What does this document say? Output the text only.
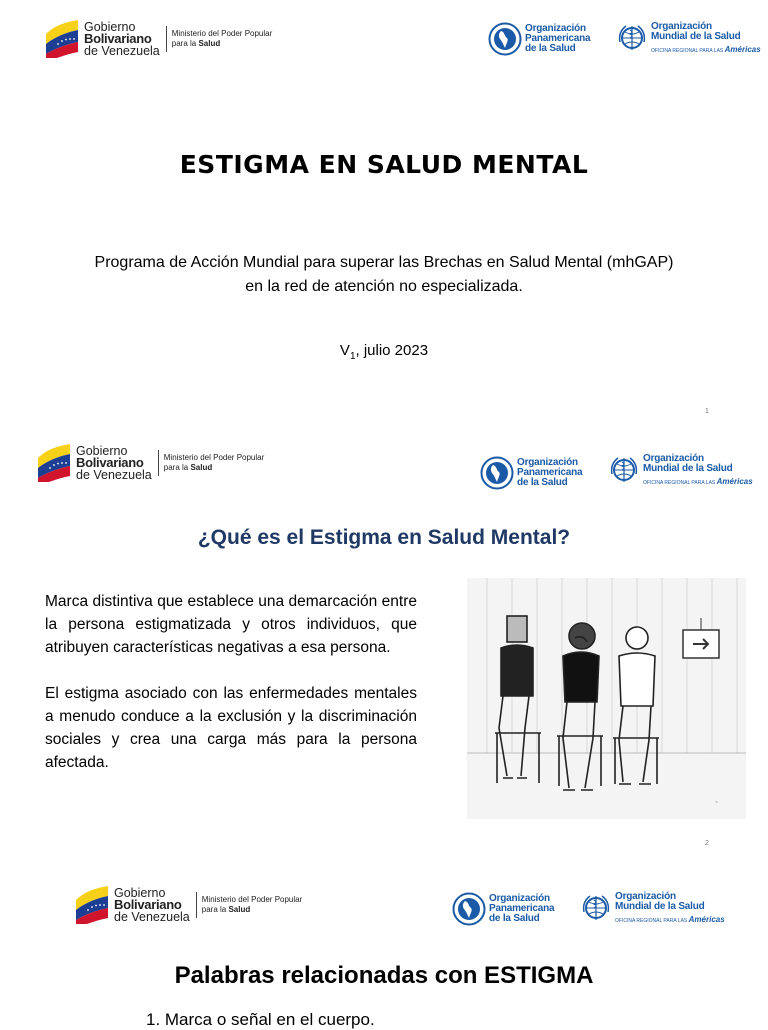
Gobierno
Bolivariano
de Venezuela
Ministerio del Poder Popular
para la Salud
Organización
Panamericana
de la Salud
Organización
Mundial de la Salud
OFICINA REGIONAL PARA LAS Américas
ESTIGMA EN SALUD MENTAL
Programa de Acción Mundial para superar las Brechas en Salud Mental (mhGAP) en la red de atención no especializada.
$V_1$, julio 2023
1
Gobierno
Bolivariano
de Venezuela
Ministerio del Poder Popular
para la Salud	Organización
Panamericana
de la Salud
Organización
Mundial de la Salud
OFICINA REGIONAL PARA LAS Américas
¿Qué es el Estigma en Salud Mental?

Marca distintiva que establece una demarcación entre la persona estigmatizada y otros individuos, que atribuyen características negativas a esa persona.

El estigma asociado con las enfermedades mentales a menudo conduce a la exclusión y la discriminación sociales y crea una carga más para la persona afectada.

~
2
Gobierno
Bolivariano
de Venezuela
Ministerio del Poder Popular
para la Salud
Organización
Panamericana
de la Salud
Organización
Mundial de la Salud
OFICINA REGIONAL PARA LAS Américas
Palabras relacionadas con ESTIGMA
1. Marca o señal en el cuerpo.
